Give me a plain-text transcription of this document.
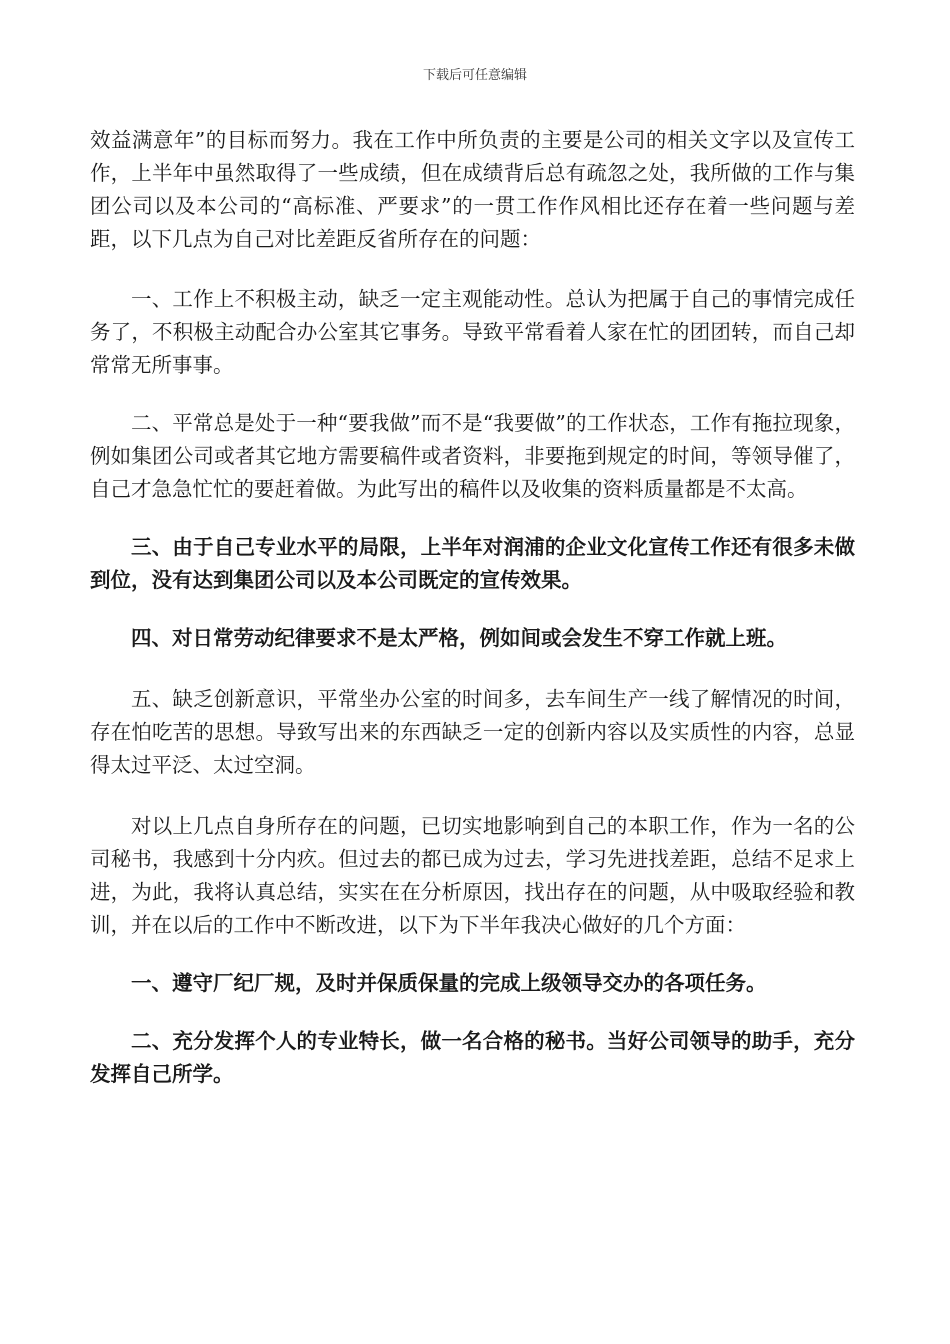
下载后可任意编辑

效益满意年”的目标而努力。我在工作中所负责的主要是公司的相关文字以及宣传工作，上半年中虽然取得了一些成绩，但在成绩背后总有疏忽之处，我所做的工作与集团公司以及本公司的“高标准、严要求”的一贯工作作风相比还存在着一些问题与差距，以下几点为自己对比差距反省所存在的问题：

一、工作上不积极主动，缺乏一定主观能动性。总认为把属于自己的事情完成任务了，不积极主动配合办公室其它事务。导致平常看着人家在忙的团团转，而自己却常常无所事事。

二、平常总是处于一种“要我做”而不是“我要做”的工作状态，工作有拖拉现象，例如集团公司或者其它地方需要稿件或者资料，非要拖到规定的时间，等领导催了，自己才急急忙忙的要赶着做。为此写出的稿件以及收集的资料质量都是不太高。

三、由于自己专业水平的局限，上半年对润浦的企业文化宣传工作还有很多未做到位，没有达到集团公司以及本公司既定的宣传效果。

四、对日常劳动纪律要求不是太严格，例如间或会发生不穿工作就上班。

五、缺乏创新意识，平常坐办公室的时间多，去车间生产一线了解情况的时间，存在怕吃苦的思想。导致写出来的东西缺乏一定的创新内容以及实质性的内容，总显得太过平泛、太过空洞。

对以上几点自身所存在的问题，已切实地影响到自己的本职工作，作为一名的公司秘书，我感到十分内疚。但过去的都已成为过去，学习先进找差距，总结不足求上进，为此，我将认真总结，实实在在分析原因，找出存在的问题，从中吸取经验和教训，并在以后的工作中不断改进，以下为下半年我决心做好的几个方面：

一、遵守厂纪厂规，及时并保质保量的完成上级领导交办的各项任务。

二、充分发挥个人的专业特长，做一名合格的秘书。当好公司领导的助手，充分发挥自己所学。
